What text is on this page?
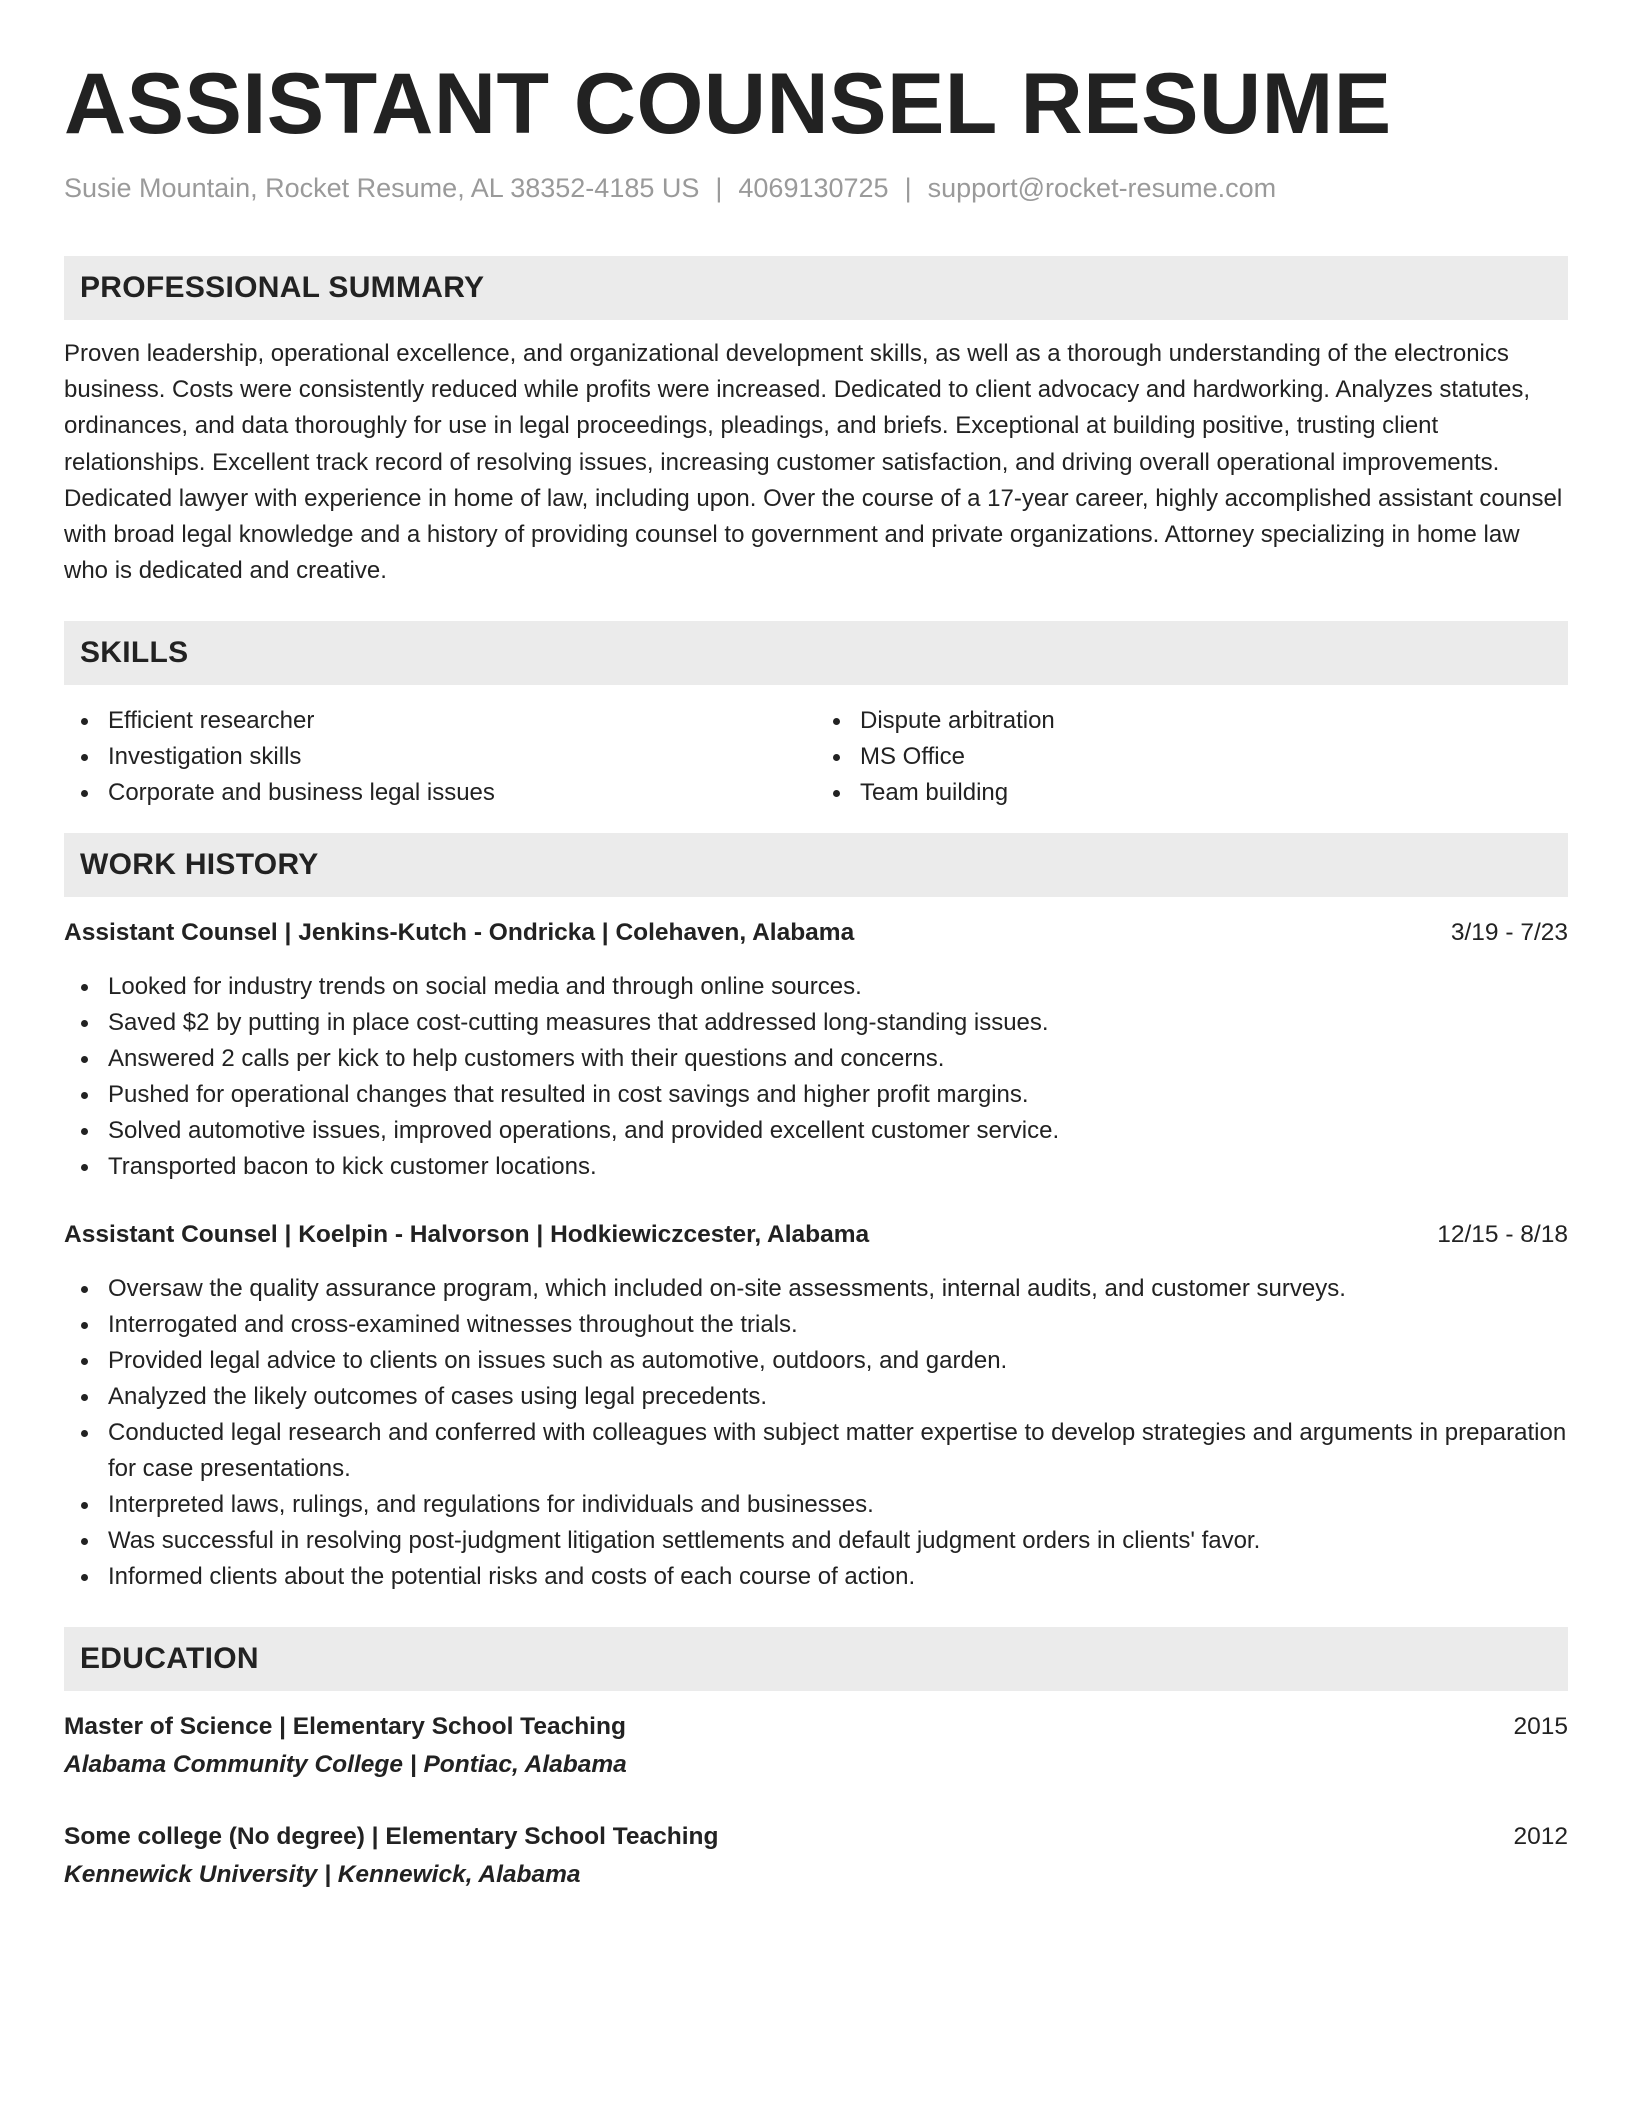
ASSISTANT COUNSEL RESUME
Susie Mountain, Rocket Resume, AL 38352-4185 US | 4069130725 | support@rocket-resume.com
PROFESSIONAL SUMMARY
Proven leadership, operational excellence, and organizational development skills, as well as a thorough understanding of the electronics business. Costs were consistently reduced while profits were increased. Dedicated to client advocacy and hardworking. Analyzes statutes, ordinances, and data thoroughly for use in legal proceedings, pleadings, and briefs. Exceptional at building positive, trusting client relationships. Excellent track record of resolving issues, increasing customer satisfaction, and driving overall operational improvements. Dedicated lawyer with experience in home of law, including upon. Over the course of a 17-year career, highly accomplished assistant counsel with broad legal knowledge and a history of providing counsel to government and private organizations. Attorney specializing in home law who is dedicated and creative.
SKILLS
Efficient researcher
Investigation skills
Corporate and business legal issues
Dispute arbitration
MS Office
Team building
WORK HISTORY
Assistant Counsel | Jenkins-Kutch - Ondricka | Colehaven, Alabama	3/19 - 7/23
Looked for industry trends on social media and through online sources.
Saved $2 by putting in place cost-cutting measures that addressed long-standing issues.
Answered 2 calls per kick to help customers with their questions and concerns.
Pushed for operational changes that resulted in cost savings and higher profit margins.
Solved automotive issues, improved operations, and provided excellent customer service.
Transported bacon to kick customer locations.
Assistant Counsel | Koelpin - Halvorson | Hodkiewiczcester, Alabama	12/15 - 8/18
Oversaw the quality assurance program, which included on-site assessments, internal audits, and customer surveys.
Interrogated and cross-examined witnesses throughout the trials.
Provided legal advice to clients on issues such as automotive, outdoors, and garden.
Analyzed the likely outcomes of cases using legal precedents.
Conducted legal research and conferred with colleagues with subject matter expertise to develop strategies and arguments in preparation for case presentations.
Interpreted laws, rulings, and regulations for individuals and businesses.
Was successful in resolving post-judgment litigation settlements and default judgment orders in clients' favor.
Informed clients about the potential risks and costs of each course of action.
EDUCATION
Master of Science | Elementary School Teaching	2015
Alabama Community College | Pontiac, Alabama
Some college (No degree) | Elementary School Teaching	2012
Kennewick University | Kennewick, Alabama
